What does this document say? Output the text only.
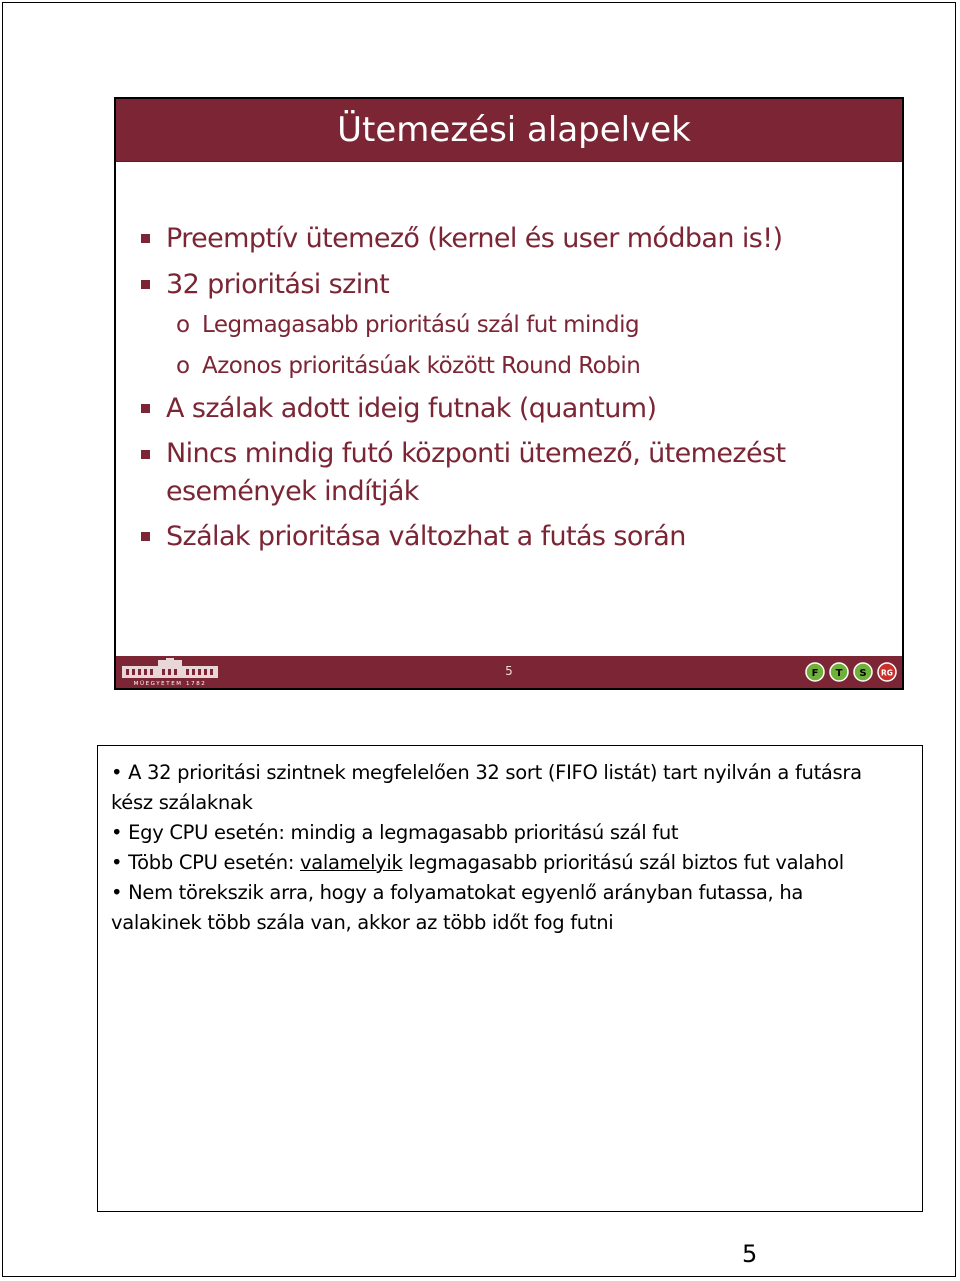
Ütemezési alapelvek
Preemptív ütemező (kernel és user módban is!)
32 prioritási szint
o Legmagasabb prioritású szál fut mindig
o Azonos prioritásúak között Round Robin
A szálak adott ideig futnak (quantum)
Nincs mindig futó központi ütemező, ütemezést
események indítják
Szálak prioritása változhat a futás során
MŰEGYETEM 1782
5	F T S RG

• A 32 prioritási szintnek megfelelően 32 sort (FIFO listát) tart nyilván a futásra
kész szálaknak

• Egy CPU esetén: mindig a legmagasabb prioritású szál fut

• Több CPU esetén: valamelyik legmagasabb prioritású szál biztos fut valahol

• Nem törekszik arra, hogy a folyamatokat egyenlő arányban futassa, ha
valakinek több szála van, akkor az több időt fog futni

5
